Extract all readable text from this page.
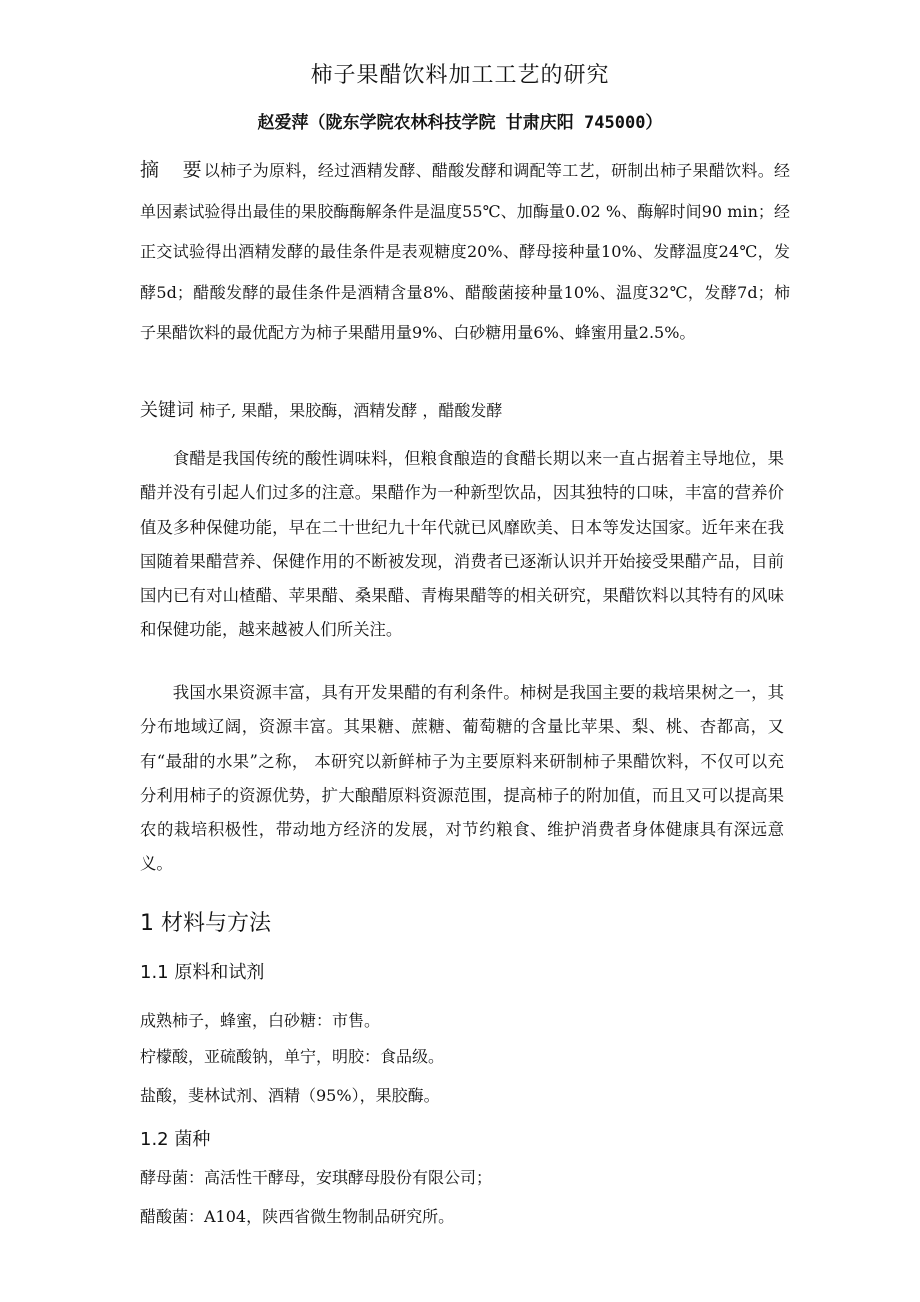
柿子果醋饮料加工工艺的研究
赵爱萍（陇东学院农林科技学院 甘肃庆阳 745000）
摘　要以柿子为原料，经过酒精发酵、醋酸发酵和调配等工艺，研制出柿子果醋饮料。经单因素试验得出最佳的果胶酶酶解条件是温度55℃、加酶量0.02 %、酶解时间90 min；经正交试验得出酒精发酵的最佳条件是表观糖度20%、酵母接种量10%、发酵温度24℃，发酵5d；醋酸发酵的最佳条件是酒精含量8%、醋酸菌接种量10%、温度32℃，发酵7d；柿子果醋饮料的最优配方为柿子果醋用量9%、白砂糖用量6%、蜂蜜用量2.5%。
关键词 柿子, 果醋，果胶酶，酒精发酵 ，醋酸发酵

食醋是我国传统的酸性调味料，但粮食酿造的食醋长期以来一直占据着主导地位，果醋并没有引起人们过多的注意。果醋作为一种新型饮品，因其独特的口味，丰富的营养价值及多种保健功能，早在二十世纪九十年代就已风靡欧美、日本等发达国家。近年来在我国随着果醋营养、保健作用的不断被发现，消费者已逐渐认识并开始接受果醋产品，目前国内已有对山楂醋、苹果醋、桑果醋、青梅果醋等的相关研究，果醋饮料以其特有的风味和保健功能，越来越被人们所关注。

我国水果资源丰富，具有开发果醋的有利条件。柿树是我国主要的栽培果树之一，其分布地域辽阔，资源丰富。其果糖、蔗糖、葡萄糖的含量比苹果、梨、桃、杏都高，又有“最甜的水果”之称， 本研究以新鲜柿子为主要原料来研制柿子果醋饮料，不仅可以充分利用柿子的资源优势，扩大酿醋原料资源范围，提高柿子的附加值，而且又可以提高果农的栽培积极性，带动地方经济的发展，对节约粮食、维护消费者身体健康具有深远意义。

1 材料与方法
1.1 原料和试剂
成熟柿子，蜂蜜，白砂糖：市售。
柠檬酸，亚硫酸钠，单宁，明胶：食品级。
盐酸，斐林试剂、酒精（95%），果胶酶。
1.2 菌种
酵母菌：高活性干酵母，安琪酵母股份有限公司；
醋酸菌：A104，陕西省微生物制品研究所。
